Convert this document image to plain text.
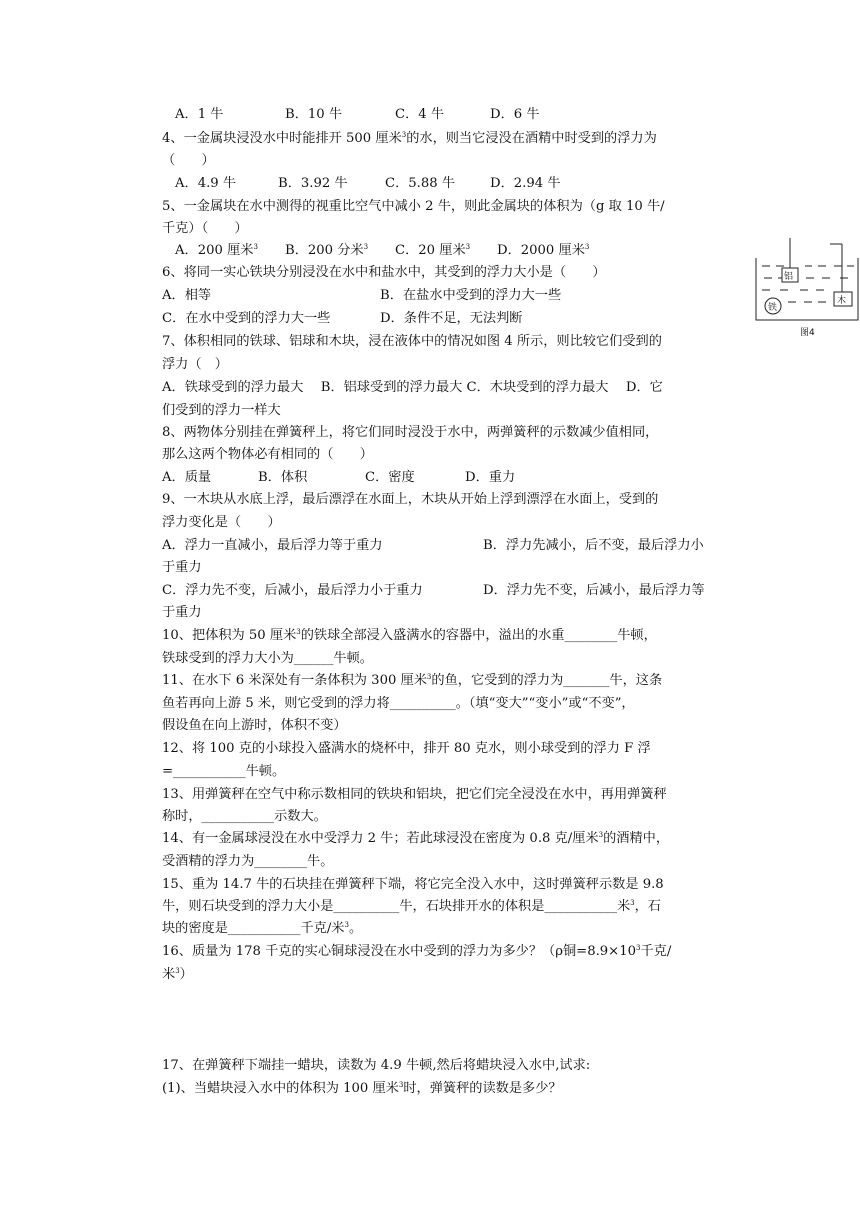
A．1 牛	B．10 牛	C．4 牛	D．6 牛
4、一金属块浸没水中时能排开 500 厘米$^3$的水，则当它浸没在酒精中时受到的浮力为
（　　）
A．4.9 牛	B．3.92 牛	C．5.88 牛	D．2.94 牛
5、一金属块在水中测得的视重比空气中减小 2 牛，则此金属块的体积为（g 取 10 牛/
千克）（　　）
A．200 厘米$^3$ B．200 分米$^3$ C．20 厘米$^3$ D．2000 厘米$^3$
6、将同一实心铁块分别浸没在水中和盐水中，其受到的浮力大小是（　　）
A．相等	B．在盐水中受到的浮力大一些
C．在水中受到的浮力大一些	D．条件不足，无法判断
铝
木
铁
图4
7、体积相同的铁球、铝球和木块，浸在液体中的情况如图 4 所示，则比较它们受到的
浮力（　）
A．铁球受到的浮力最大　 B．铝球受到的浮力最大 C．木块受到的浮力最大　 D．它
们受到的浮力一样大
8、两物体分别挂在弹簧秤上，将它们同时浸没于水中，两弹簧秤的示数减少值相同，
那么这两个物体必有相同的（　　）
A．质量	B．体积	C．密度	D．重力
9、一木块从水底上浮，最后漂浮在水面上，木块从开始上浮到漂浮在水面上，受到的
浮力变化是（　　）
A．浮力一直减小，最后浮力等于重力	B．浮力先减小，后不变，最后浮力小
于重力
C．浮力先不变，后减小，最后浮力小于重力	D．浮力先不变，后减小，最后浮力等
于重力
10、把体积为 50 厘米$^3$的铁球全部浸入盛满水的容器中，溢出的水重________牛顿，
铁球受到的浮力大小为______牛顿。
11、在水下 6 米深处有一条体积为 300 厘米$^3$的鱼，它受到的浮力为_______牛，这条
鱼若再向上游 5 米，则它受到的浮力将__________。（填“变大”“变小”或“不变”，
假设鱼在向上游时，体积不变）
12、将 100 克的小球投入盛满水的烧杯中，排开 80 克水，则小球受到的浮力 F 浮
=___________牛顿。
13、用弹簧秤在空气中称示数相同的铁块和铝块，把它们完全浸没在水中，再用弹簧秤
称时，___________示数大。
14、有一金属球浸没在水中受浮力 2 牛；若此球浸没在密度为 0.8 克/厘米$^3$的酒精中，
受酒精的浮力为________牛。
15、重为 14.7 牛的石块挂在弹簧秤下端，将它完全没入水中，这时弹簧秤示数是 9.8
牛，则石块受到的浮力大小是__________牛，石块排开水的体积是___________米$^3$，石
块的密度是___________千克/米$^3$。
16、质量为 178 千克的实心铜球浸没在水中受到的浮力为多少？（ρ铜$=8.9\times 10^3$千克/
米$^3$）
17、在弹簧秤下端挂一蜡块，读数为 4.9 牛顿,然后将蜡块浸入水中,试求:
(1)、当蜡块浸入水中的体积为 100 厘米$^3$时，弹簧秤的读数是多少？
